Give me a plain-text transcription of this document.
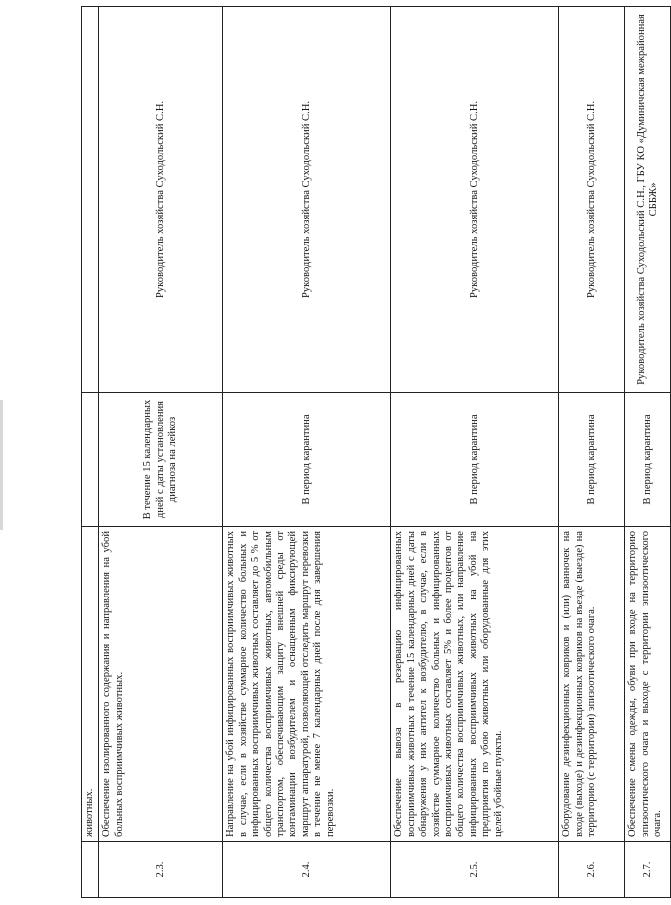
	животных.		
2.3.	Обеспечение изолированного содержания и направления на убой больных восприимчивых животных.	В течение 15 календарных дней с даты установления диагноза на лейкоз	Руководитель хозяйства Суходольский С.Н.
2.4.	Направление на убой инфицированных восприимчивых животных в случае, если в хозяйстве суммарное количество больных и инфицированных восприимчивых животных составляет до 5 % от общего количества восприимчивых животных, автомобильным транспортом, обеспечивающим защиту внешней среды от контаминации возбудителем и оснащенным фиксирующей маршрут аппаратурой, позволяющей отследить маршрут перевозки в течение не менее 7 календарных дней после дня завершения перевозки.	В период карантина	Руководитель хозяйства Суходольский С.Н.
2.5.	Обеспечение вывоза в резервацию инфицированных восприимчивых животных в течение 15 календарных дней с даты обнаружения у них антител к возбудителю, в случае, если в хозяйстве суммарное количество больных и инфицированных восприимчивых животных составляет 5% и более процентов от общего количества восприимчивых животных, или направление инфицированных восприимчивых животных на убой на предприятия по убою животных или оборудованные для этих целей убойные пункты.	В период карантина	Руководитель хозяйства Суходольский С.Н.
2.6.	Оборудование дезинфекционных ковриков и (или) ванночек на входе (выходе) и дезинфекционных ковриков на въезде (выезде) на территорию (с территории) эпизоотического очага.	В период карантина	Руководитель хозяйства Суходольский С.Н.
2.7.	Обеспечение смены одежды, обуви при входе на территорию эпизоотического очага и выходе с территории эпизоотического очага.	В период карантина	Руководитель хозяйства Суходольский С.Н., ГБУ КО «Думиничская межрайонная СББЖ»
